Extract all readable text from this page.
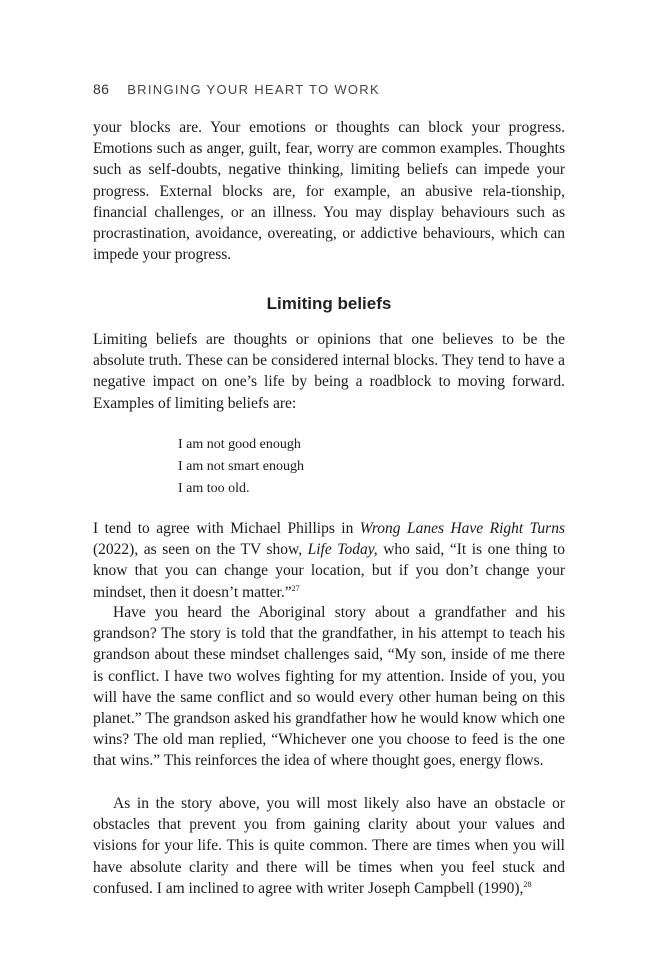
86 BRINGING YOUR HEART TO WORK

your blocks are. Your emotions or thoughts can block your progress. Emotions such as anger, guilt, fear, worry are common examples. Thoughts such as self-doubts, negative thinking, limiting beliefs can impede your progress. External blocks are, for example, an abusive rela-tionship, financial challenges, or an illness. You may display behaviours such as procrastination, avoidance, overeating, or addictive behaviours, which can impede your progress.

Limiting beliefs

Limiting beliefs are thoughts or opinions that one believes to be the absolute truth. These can be considered internal blocks. They tend to have a negative impact on one’s life by being a roadblock to moving forward. Examples of limiting beliefs are:

I am not good enough
I am not smart enough
I am too old.

I tend to agree with Michael Phillips in Wrong Lanes Have Right Turns (2022), as seen on the TV show, Life Today, who said, “It is one thing to know that you can change your location, but if you don’t change your mindset, then it doesn’t matter.”$^{27}$

Have you heard the Aboriginal story about a grandfather and his grandson? The story is told that the grandfather, in his attempt to teach his grandson about these mindset challenges said, “My son, inside of me there is conflict. I have two wolves fighting for my attention. Inside of you, you will have the same conflict and so would every other human being on this planet.” The grandson asked his grandfather how he would know which one wins? The old man replied, “Whichever one you choose to feed is the one that wins.” This reinforces the idea of where thought goes, energy flows.

As in the story above, you will most likely also have an obstacle or obstacles that prevent you from gaining clarity about your values and visions for your life. This is quite common. There are times when you will have absolute clarity and there will be times when you feel stuck and confused. I am inclined to agree with writer Joseph Campbell (1990),$^{28}$
